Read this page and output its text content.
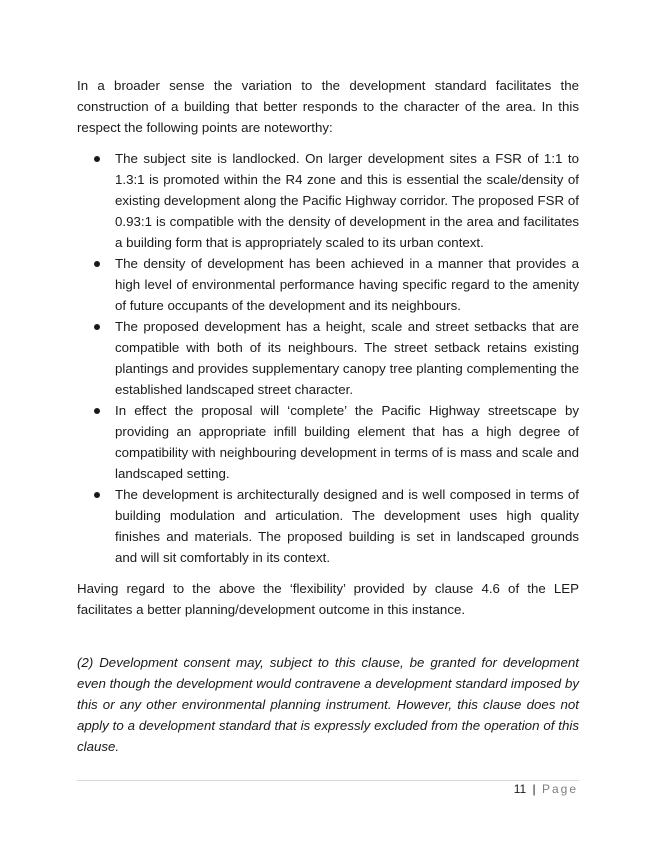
In a broader sense the variation to the development standard facilitates the construction of a building that better responds to the character of the area. In this respect the following points are noteworthy:

The subject site is landlocked. On larger development sites a FSR of 1:1 to 1.3:1 is promoted within the R4 zone and this is essential the scale/density of existing development along the Pacific Highway corridor. The proposed FSR of 0.93:1 is compatible with the density of development in the area and facilitates a building form that is appropriately scaled to its urban context.
The density of development has been achieved in a manner that provides a high level of environmental performance having specific regard to the amenity of future occupants of the development and its neighbours.
The proposed development has a height, scale and street setbacks that are compatible with both of its neighbours. The street setback retains existing plantings and provides supplementary canopy tree planting complementing the established landscaped street character.
In effect the proposal will ‘complete’ the Pacific Highway streetscape by providing an appropriate infill building element that has a high degree of compatibility with neighbouring development in terms of is mass and scale and landscaped setting.
The development is architecturally designed and is well composed in terms of building modulation and articulation. The development uses high quality finishes and materials. The proposed building is set in landscaped grounds and will sit comfortably in its context.

Having regard to the above the ‘flexibility’ provided by clause 4.6 of the LEP facilitates a better planning/development outcome in this instance.

(2) Development consent may, subject to this clause, be granted for development even though the development would contravene a development standard imposed by this or any other environmental planning instrument. However, this clause does not apply to a development standard that is expressly excluded from the operation of this clause.

11 | Page
